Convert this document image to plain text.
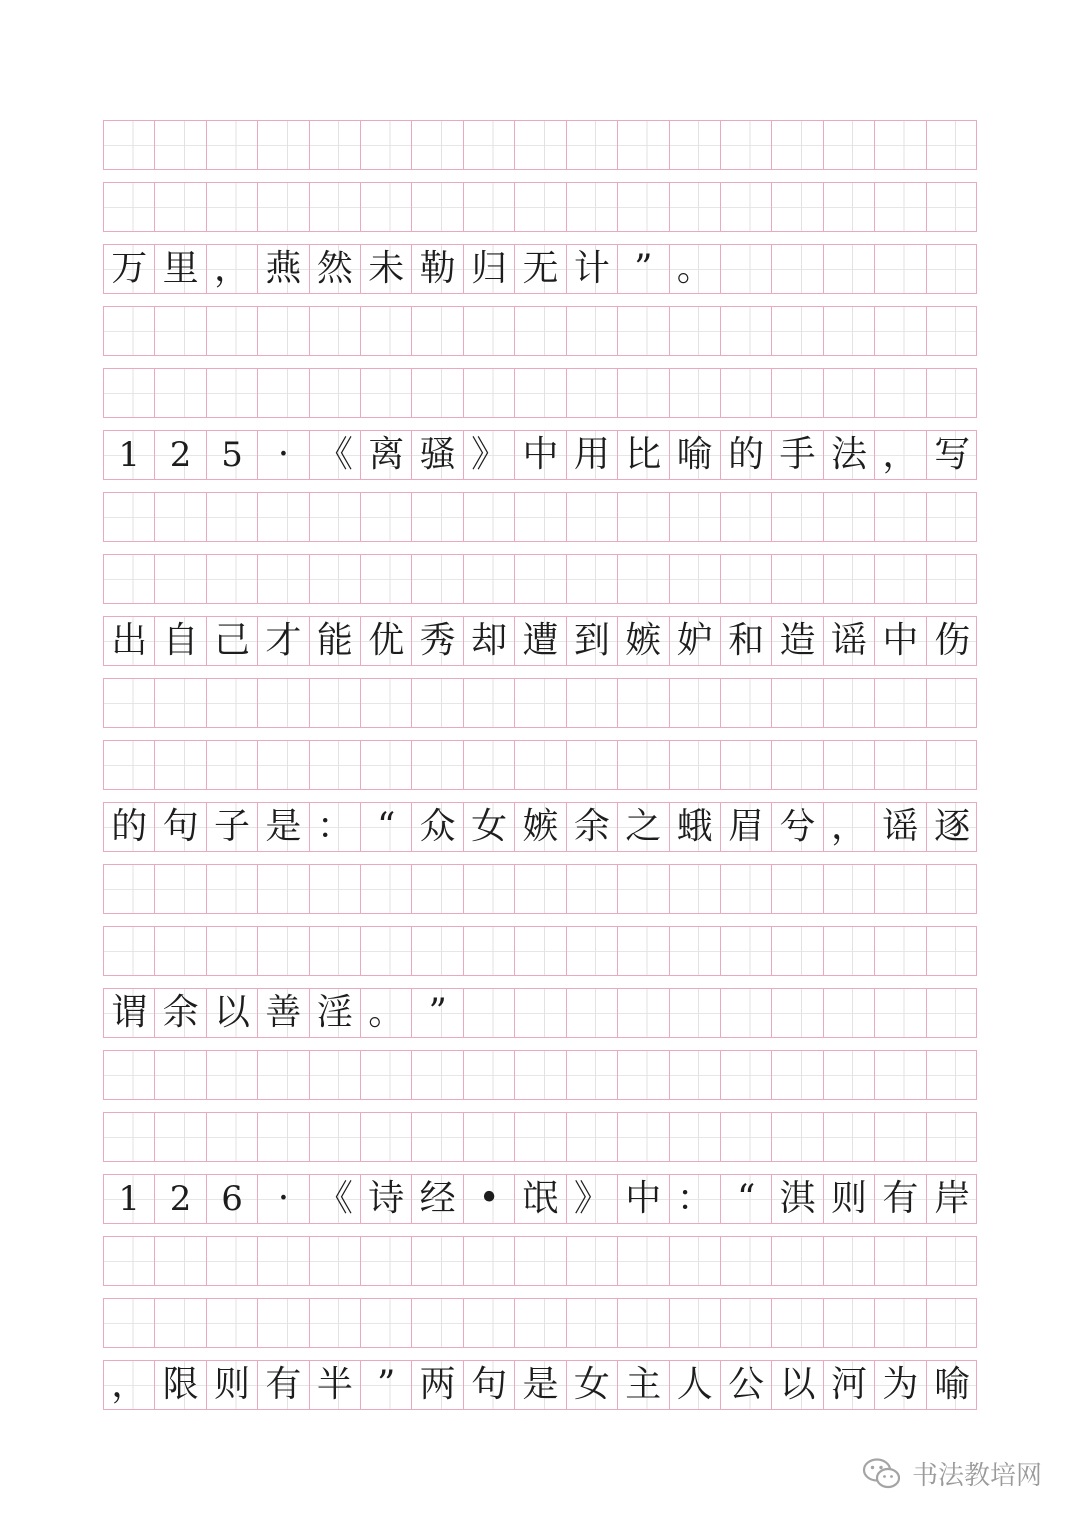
万 里 ， 燕 然 未 勒 归 无 计 ” 。
1 2 5 · 《 离 骚 》 中 用 比 喻 的 手 法 ， 写
出 自 己 才 能 优 秀 却 遭 到 嫉 妒 和 造 谣 中 伤
的 句 子 是 ： “ 众 女 嫉 余 之 蛾 眉 兮 ， 谣 逐
谓 余 以 善 淫 。 ”
1 2 6 · 《 诗 经 • 氓 》 中 ： “ 淇 则 有 岸
， 限 则 有 半 ” 两 句 是 女 主 人 公 以 河 为 喻
书法教培网
